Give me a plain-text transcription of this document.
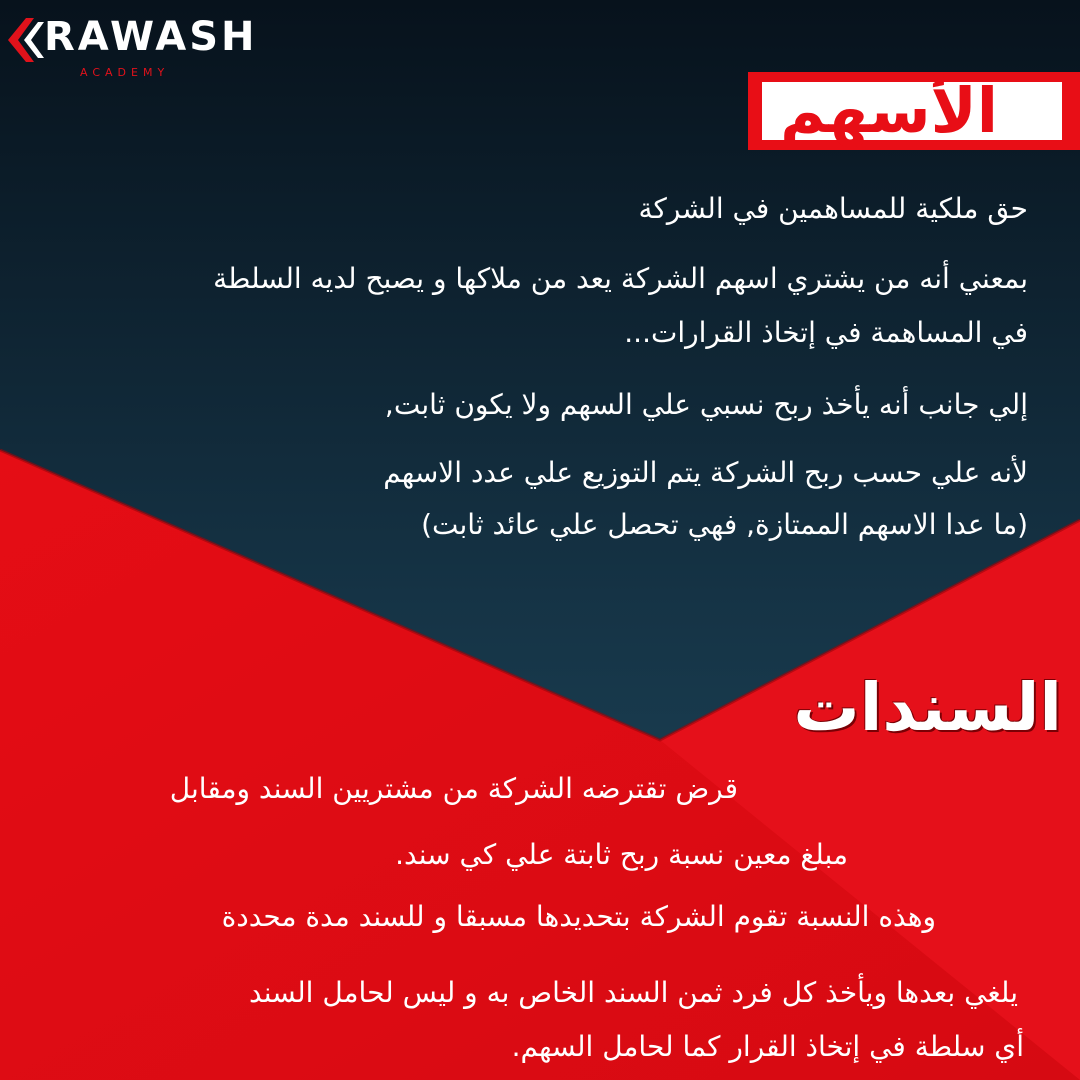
RAWASH
ACADEMY
الأسهم
حق ملكية للمساهمين في الشركة
بمعني أنه من يشتري اسهم الشركة يعد من ملاكها و يصبح لديه السلطة
في المساهمة في إتخاذ القرارات...
إلي جانب أنه يأخذ ربح نسبي علي السهم ولا يكون ثابت,
لأنه علي حسب ربح الشركة يتم التوزيع علي عدد الاسهم
(ما عدا الاسهم الممتازة, فهي تحصل علي عائد ثابت)
السندات
قرض تقترضه الشركة من مشتريين السند ومقابل
مبلغ معين نسبة ربح ثابتة علي كي سند.
وهذه النسبة تقوم الشركة بتحديدها مسبقا و للسند مدة محددة
يلغي بعدها ويأخذ كل فرد ثمن السند الخاص به و ليس لحامل السند
أي سلطة في إتخاذ القرار كما لحامل السهم.
